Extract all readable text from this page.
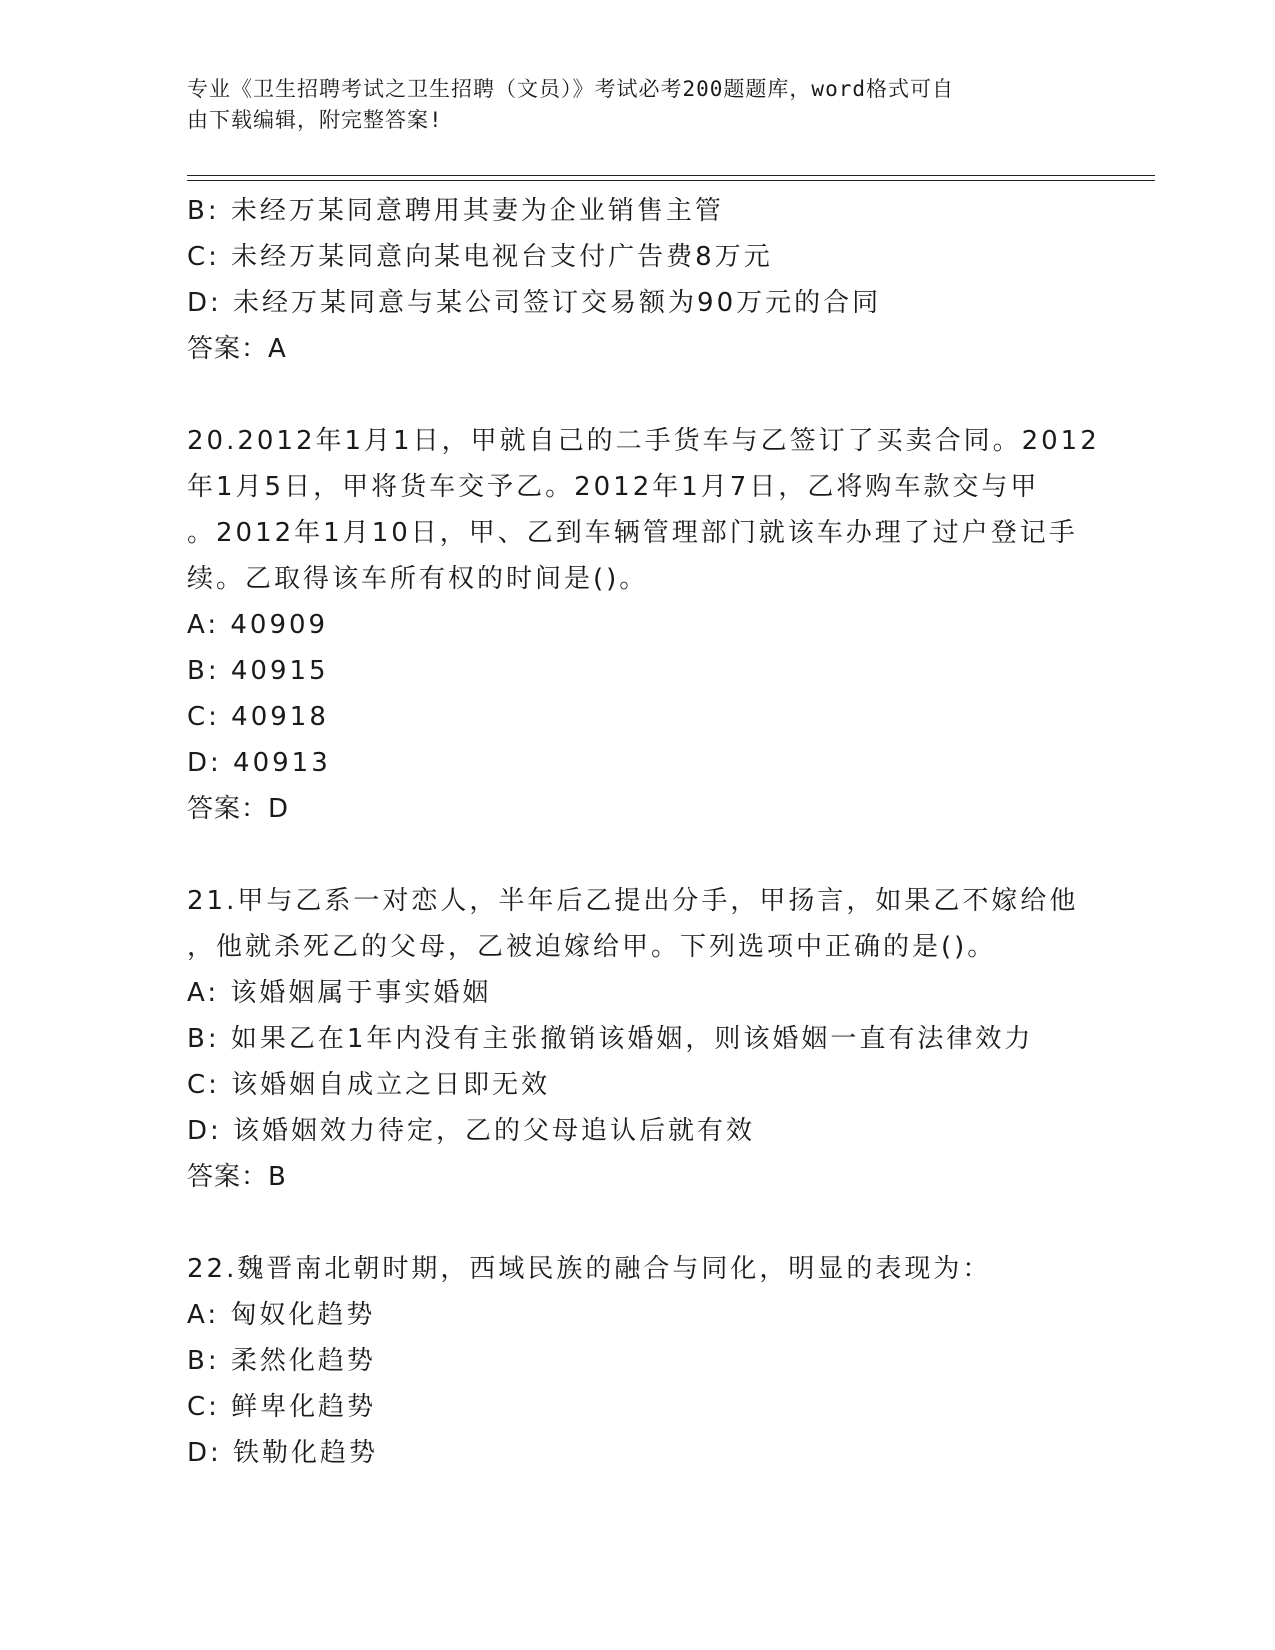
专业《卫生招聘考试之卫生招聘（文员）》考试必考200题题库，word格式可自
由下载编辑，附完整答案!
B: 未经万某同意聘用其妻为企业销售主管
C: 未经万某同意向某电视台支付广告费8万元
D: 未经万某同意与某公司签订交易额为90万元的合同
答案：A
20.2012年1月1日，甲就自己的二手货车与乙签订了买卖合同。2012
年1月5日，甲将货车交予乙。2012年1月7日，乙将购车款交与甲
。2012年1月10日，甲、乙到车辆管理部门就该车办理了过户登记手
续。乙取得该车所有权的时间是()。
A: 40909
B: 40915
C: 40918
D: 40913
答案：D
21.甲与乙系一对恋人，半年后乙提出分手，甲扬言，如果乙不嫁给他
，他就杀死乙的父母，乙被迫嫁给甲。下列选项中正确的是()。
A: 该婚姻属于事实婚姻
B: 如果乙在1年内没有主张撤销该婚姻，则该婚姻一直有法律效力
C: 该婚姻自成立之日即无效
D: 该婚姻效力待定，乙的父母追认后就有效
答案：B
22.魏晋南北朝时期，西域民族的融合与同化，明显的表现为：
A: 匈奴化趋势
B: 柔然化趋势
C: 鲜卑化趋势
D: 铁勒化趋势
